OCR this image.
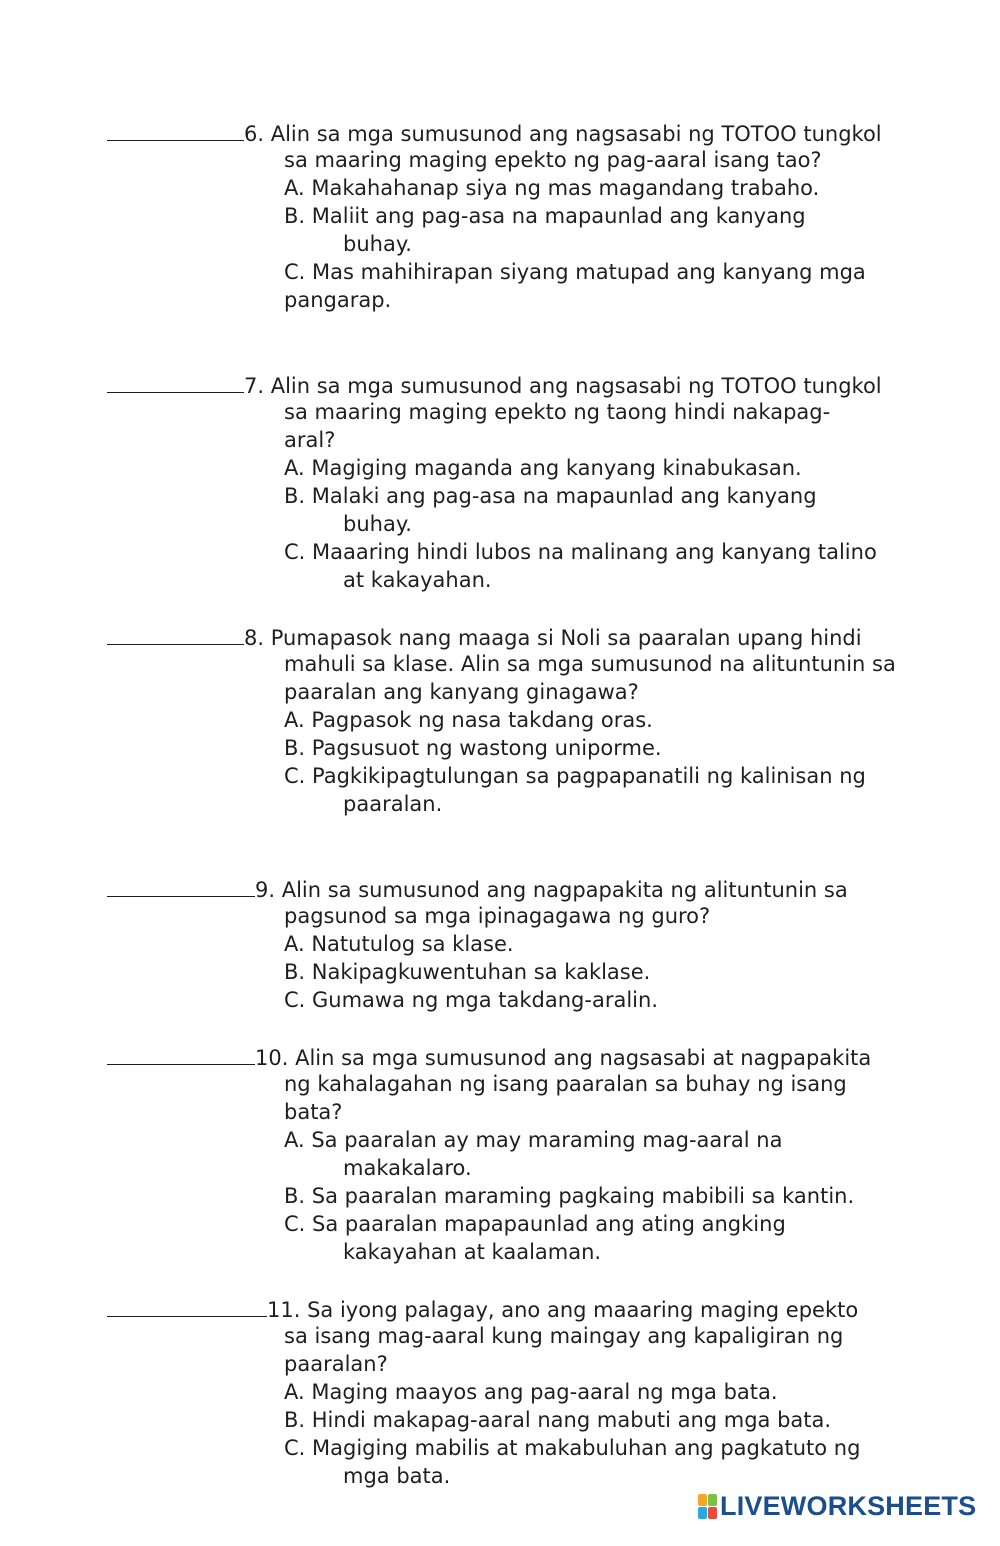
6. Alin sa mga sumusunod ang nagsasabi ng TOTOO tungkol
sa maaring maging epekto ng pag-aaral isang tao?
A. Makahahanap siya ng mas magandang trabaho.
B. Maliit ang pag-asa na mapaunlad ang kanyang
buhay.
C. Mas mahihirapan siyang matupad ang kanyang mga
pangarap.
7. Alin sa mga sumusunod ang nagsasabi ng TOTOO tungkol
sa maaring maging epekto ng taong hindi nakapag-
aral?
A. Magiging maganda ang kanyang kinabukasan.
B. Malaki ang pag-asa na mapaunlad ang kanyang
buhay.
C. Maaaring hindi lubos na malinang ang kanyang talino
at kakayahan.
8. Pumapasok nang maaga si Noli sa paaralan upang hindi
mahuli sa klase. Alin sa mga sumusunod na alituntunin sa
paaralan ang kanyang ginagawa?
A. Pagpasok ng nasa takdang oras.
B. Pagsusuot ng wastong uniporme.
C. Pagkikipagtulungan sa pagpapanatili ng kalinisan ng
paaralan.
9. Alin sa sumusunod ang nagpapakita ng alituntunin sa
pagsunod sa mga ipinagagawa ng guro?
A. Natutulog sa klase.
B. Nakipagkuwentuhan sa kaklase.
C. Gumawa ng mga takdang-aralin.
10. Alin sa mga sumusunod ang nagsasabi at nagpapakita
ng kahalagahan ng isang paaralan sa buhay ng isang
bata?
A. Sa paaralan ay may maraming mag-aaral na
makakalaro.
B. Sa paaralan maraming pagkaing mabibili sa kantin.
C. Sa paaralan mapapaunlad ang ating angking
kakayahan at kaalaman.
11. Sa iyong palagay, ano ang maaaring maging epekto
sa isang mag-aaral kung maingay ang kapaligiran ng
paaralan?
A. Maging maayos ang pag-aaral ng mga bata.
B. Hindi makapag-aaral nang mabuti ang mga bata.
C. Magiging mabilis at makabuluhan ang pagkatuto ng
mga bata.
LIVEWORKSHEETS
